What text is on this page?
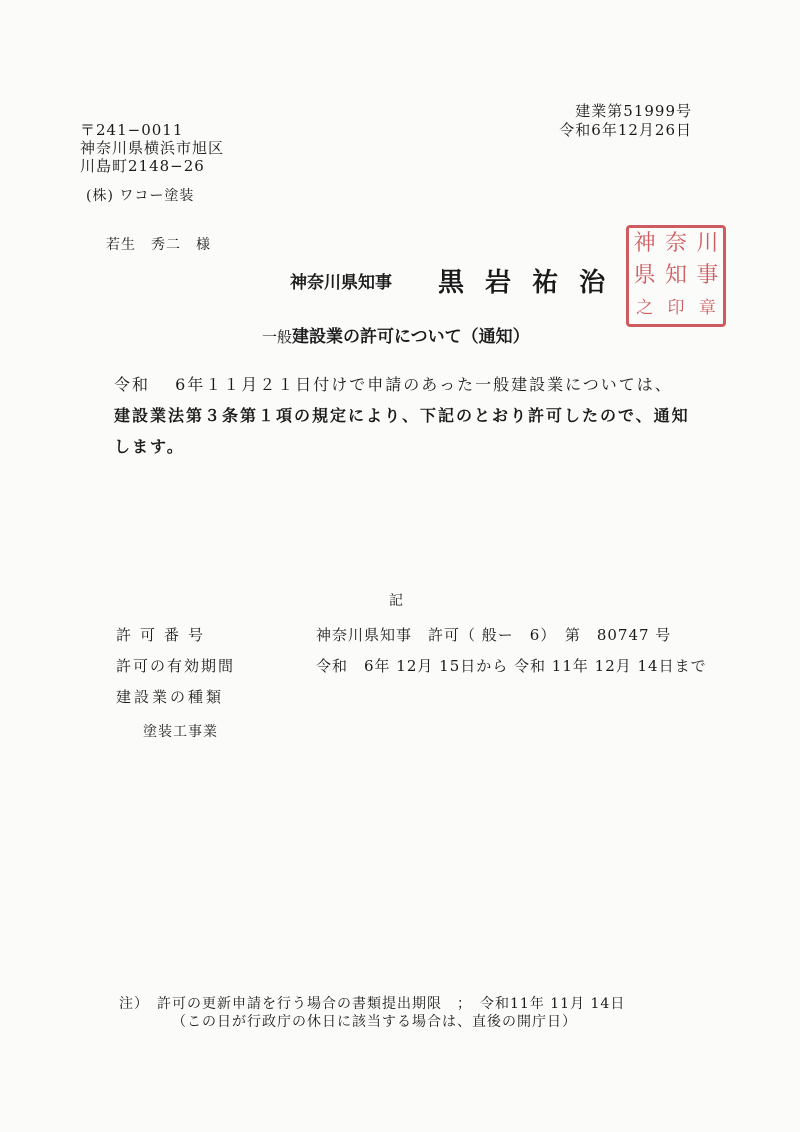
建業第51999号
令和6年12月26日
〒241−0011
神奈川県横浜市旭区
川島町2148−26
(株) ワコー塗装
若生　秀二　様
神奈川県知事 黒 岩 祐 治
神 奈 川
県 知 事
之 印 章
一般建設業の許可について（通知）
令和　 6年１１月２１日付けで申請のあった一般建設業については、
建設業法第３条第１項の規定により、下記のとおり許可したので、通知
します。
記
許可番号	神奈川県知事　許可（ 般ー　6）　第　80747 号
許可の有効期間	令和　6年 12月 15日から 令和 11年 12月 14日まで
建設業の種類
塗装工事業
注）　許可の更新申請を行う場合の書類提出期限　；　令和11年 11月 14日
（この日が行政庁の休日に該当する場合は、直後の開庁日）
